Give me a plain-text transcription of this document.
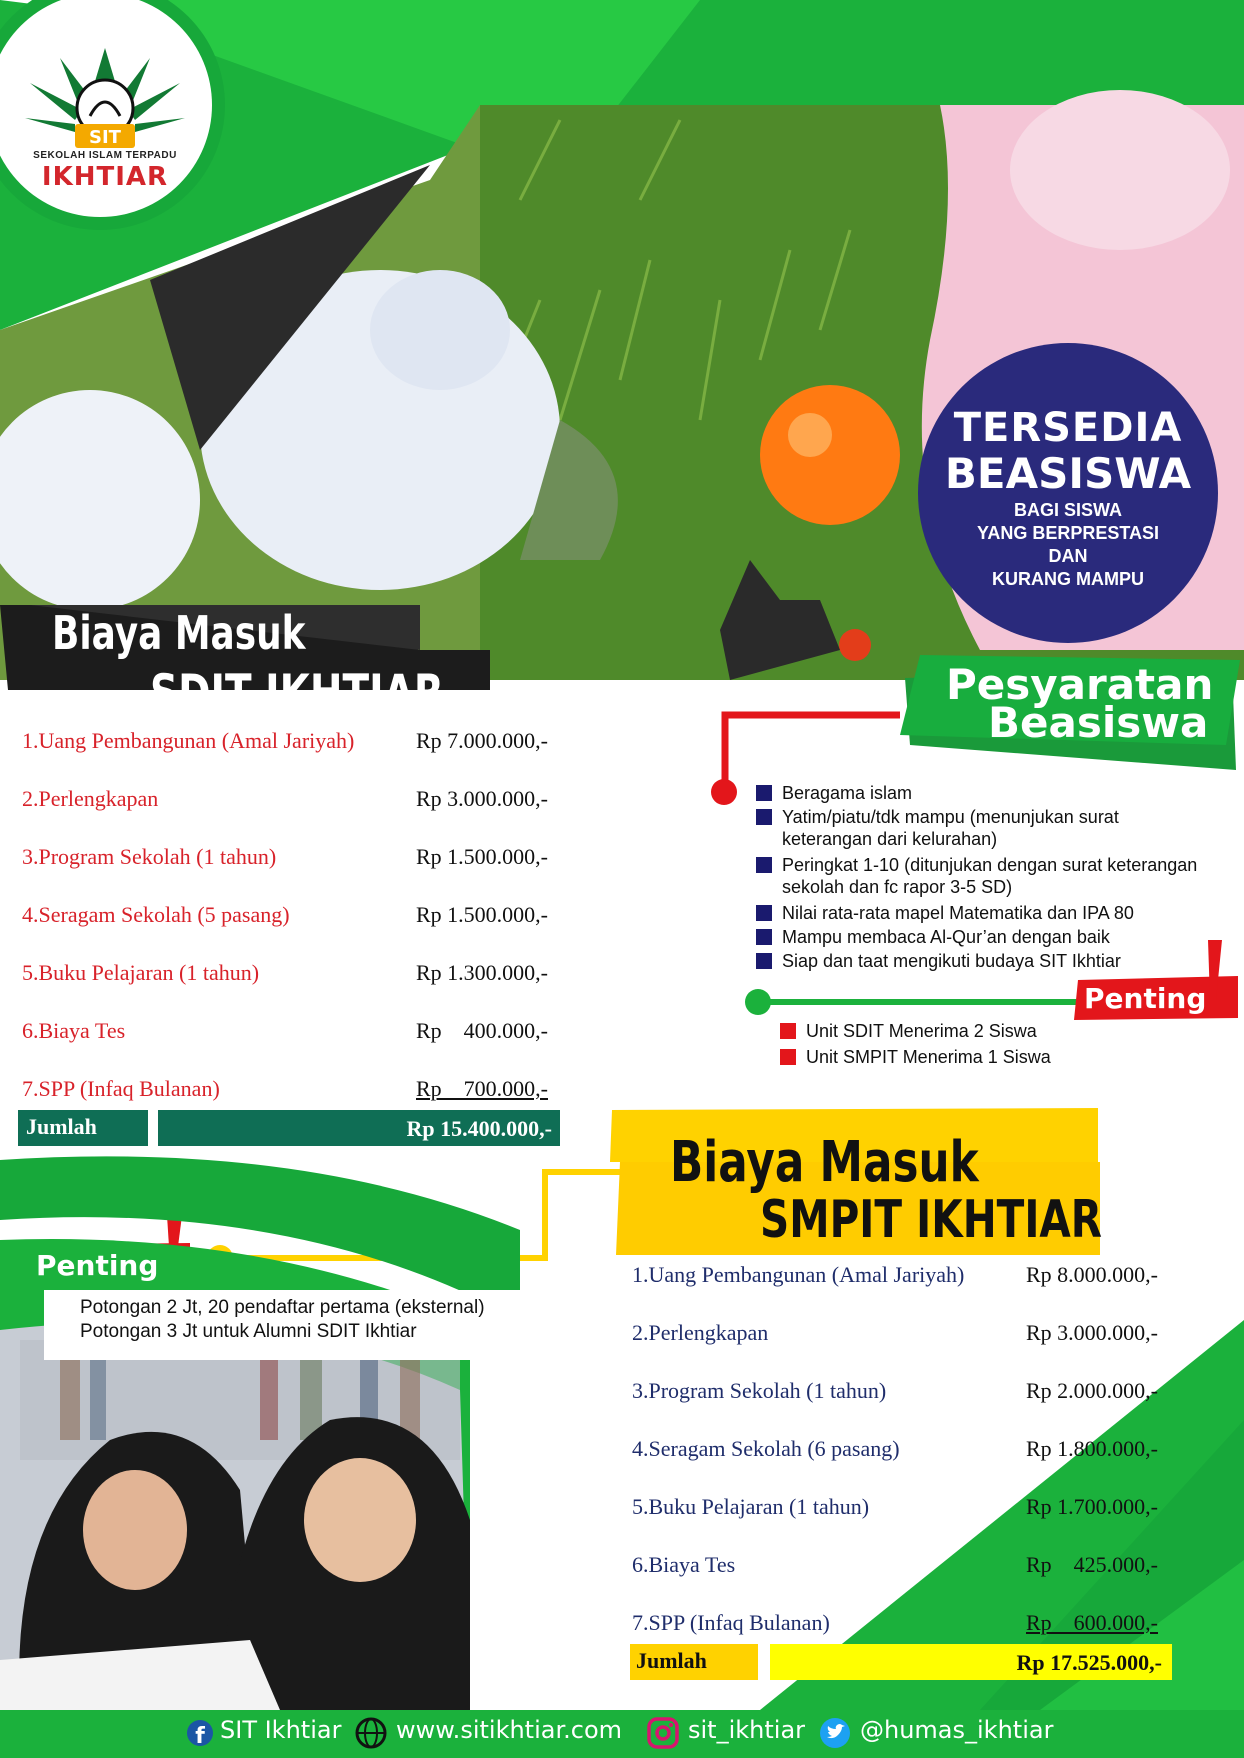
SIT
SEKOLAH ISLAM TERPADU
IKHTIAR
TERSEDIA
BEASISWA
BAGI SISWA
YANG BERPRESTASI
DAN
KURANG MAMPU
Biaya Masuk
SDIT IKHTIAR
1.Uang Pembangunan (Amal Jariyah)	Rp 7.000.000,-
2.Perlengkapan	Rp 3.000.000,-
3.Program Sekolah (1 tahun)	Rp 1.500.000,-
4.Seragam Sekolah (5 pasang)	Rp 1.500.000,-
5.Buku Pelajaran (1 tahun)	Rp 1.300.000,-
6.Biaya Tes	Rp    400.000,-
7.SPP (Infaq Bulanan)	Rp    700.000,-
Jumlah	Rp 15.400.000,-
Pesyaratan
Beasiswa
Beragama islam
Yatim/piatu/tdk mampu (menunjukan surat keterangan dari kelurahan)
Peringkat 1-10 (ditunjukan dengan surat keterangan sekolah dan fc rapor 3-5 SD)
Nilai rata-rata mapel Matematika dan IPA 80
Mampu membaca Al-Qur’an dengan baik
Siap dan taat mengikuti budaya SIT Ikhtiar
Penting
Unit SDIT Menerima 2 Siswa
Unit SMPIT Menerima 1 Siswa
Penting
Potongan 2 Jt, 20 pendaftar pertama (eksternal)
Potongan 3 Jt untuk Alumni SDIT Ikhtiar
Biaya Masuk
SMPIT IKHTIAR
1.Uang Pembangunan (Amal Jariyah)	Rp 8.000.000,-
2.Perlengkapan	Rp 3.000.000,-
3.Program Sekolah (1 tahun)	Rp 2.000.000,-
4.Seragam Sekolah (6 pasang)	Rp 1.800.000,-
5.Buku Pelajaran (1 tahun)	Rp 1.700.000,-
6.Biaya Tes	Rp    425.000,-
7.SPP (Infaq Bulanan)	Rp    600.000,-
Jumlah	Rp 17.525.000,-
f SIT Ikhtiar www.sitikhtiar.com	sit_ikhtiar @humas_ikhtiar
